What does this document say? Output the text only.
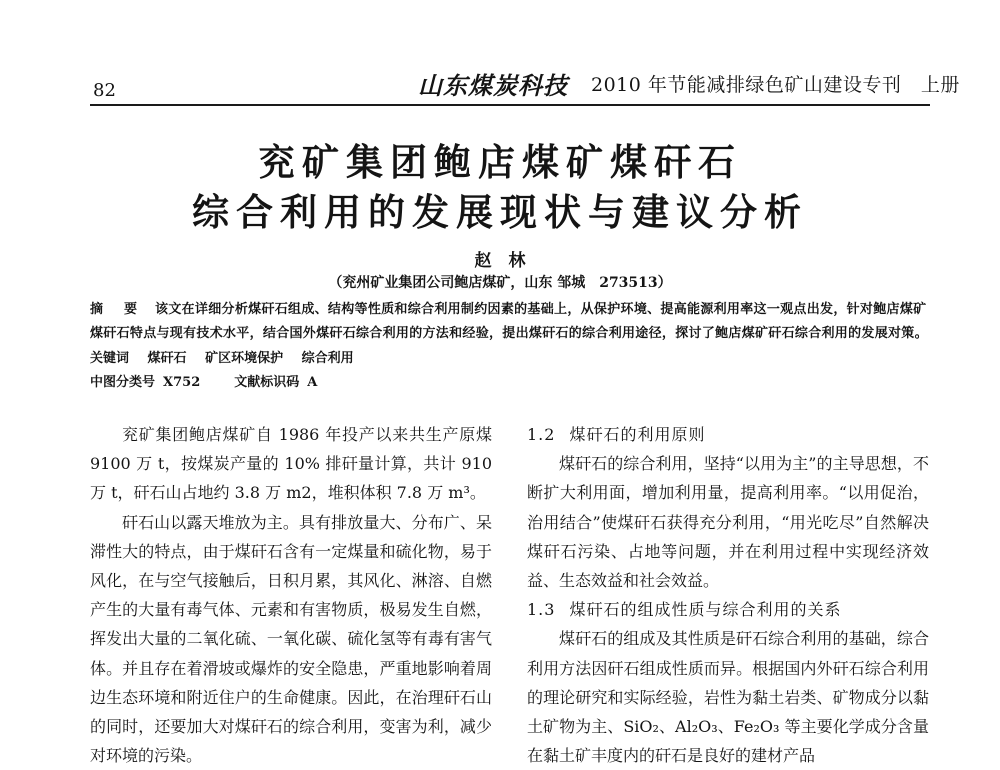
82	山东煤炭科技 2010 年节能减排绿色矿山建设专刊　上册
兖矿集团鲍店煤矿煤矸石
综合利用的发展现状与建议分析
赵　林
（兖州矿业集团公司鲍店煤矿，山东 邹城　273513）
摘　要 该文在详细分析煤矸石组成、结构等性质和综合利用制约因素的基础上，从保护环境、提高能源利用率这一观点出发，针对鲍店煤矿煤矸石特点与现有技术水平，结合国外煤矸石综合利用的方法和经验，提出煤矸石的综合利用途径，探讨了鲍店煤矿矸石综合利用的发展对策。
关键词 煤矸石 矿区环境保护 综合利用
中图分类号 X752	文献标识码 A

兖矿集团鲍店煤矿自 1986 年投产以来共生产原煤 9100 万 t，按煤炭产量的 10% 排矸量计算，共计 910 万 t，矸石山占地约 3.8 万 m2，堆积体积 7.8 万 m³。

矸石山以露天堆放为主。具有排放量大、分布广、呆滞性大的特点，由于煤矸石含有一定煤量和硫化物，易于风化，在与空气接触后，日积月累，其风化、淋溶、自燃产生的大量有毒气体、元素和有害物质，极易发生自燃，挥发出大量的二氧化硫、一氧化碳、硫化氢等有毒有害气体。并且存在着滑坡或爆炸的安全隐患，严重地影响着周边生态环境和附近住户的生命健康。因此，在治理矸石山的同时，还要加大对煤矸石的综合利用，变害为利，减少对环境的污染。

1.2 煤矸石的利用原则

煤矸石的综合利用，坚持“以用为主”的主导思想，不断扩大利用面，增加利用量，提高利用率。“以用促治，治用结合”使煤矸石获得充分利用，“用光吃尽”自然解决煤矸石污染、占地等问题，并在利用过程中实现经济效益、生态效益和社会效益。

1.3 煤矸石的组成性质与综合利用的关系

煤矸石的组成及其性质是矸石综合利用的基础，综合利用方法因矸石组成性质而异。根据国内外矸石综合利用的理论研究和实际经验，岩性为黏土岩类、矿物成分以黏土矿物为主、SiO₂、Al₂O₃、Fe₂O₃ 等主要化学成分含量在黏土矿丰度内的矸石是良好的建材产品
